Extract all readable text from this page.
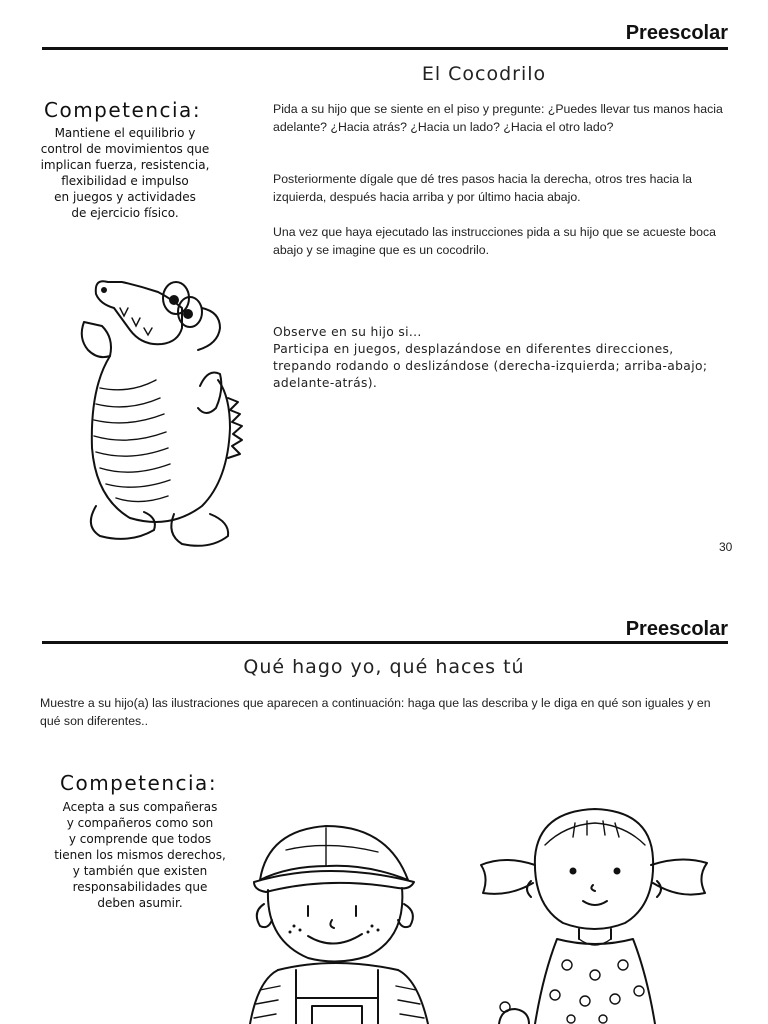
Preescolar
El Cocodrilo
Competencia:
Mantiene el equilibrio y
control de movimientos que
implican fuerza, resistencia,
flexibilidad e impulso
en juegos y actividades
de ejercicio físico.
Pida a su hijo que se siente en el piso y pregunte: ¿Puedes llevar tus manos hacia adelante? ¿Hacia atrás? ¿Hacia un lado? ¿Hacia el otro lado?
Posteriormente dígale que dé tres pasos hacia la derecha, otros tres hacia la izquierda, después hacia arriba y por último hacia abajo.
Una vez que haya ejecutado las instrucciones pida a su hijo que se acueste boca abajo y se imagine que es un cocodrilo.
Observe en su hijo si...
Participa en juegos, desplazándose en diferentes direcciones,
trepando rodando o deslizándose (derecha-izquierda; arriba-abajo;
adelante-atrás).
30
Preescolar
Qué hago yo, qué haces tú
Muestre a su hijo(a) las ilustraciones que aparecen a continuación: haga que las describa y le diga en qué son iguales y en qué son diferentes..
Competencia:
Acepta a sus compañeras
y compañeros como son
y comprende que todos
tienen los mismos derechos,
y también que existen
responsabilidades que
deben asumir.
